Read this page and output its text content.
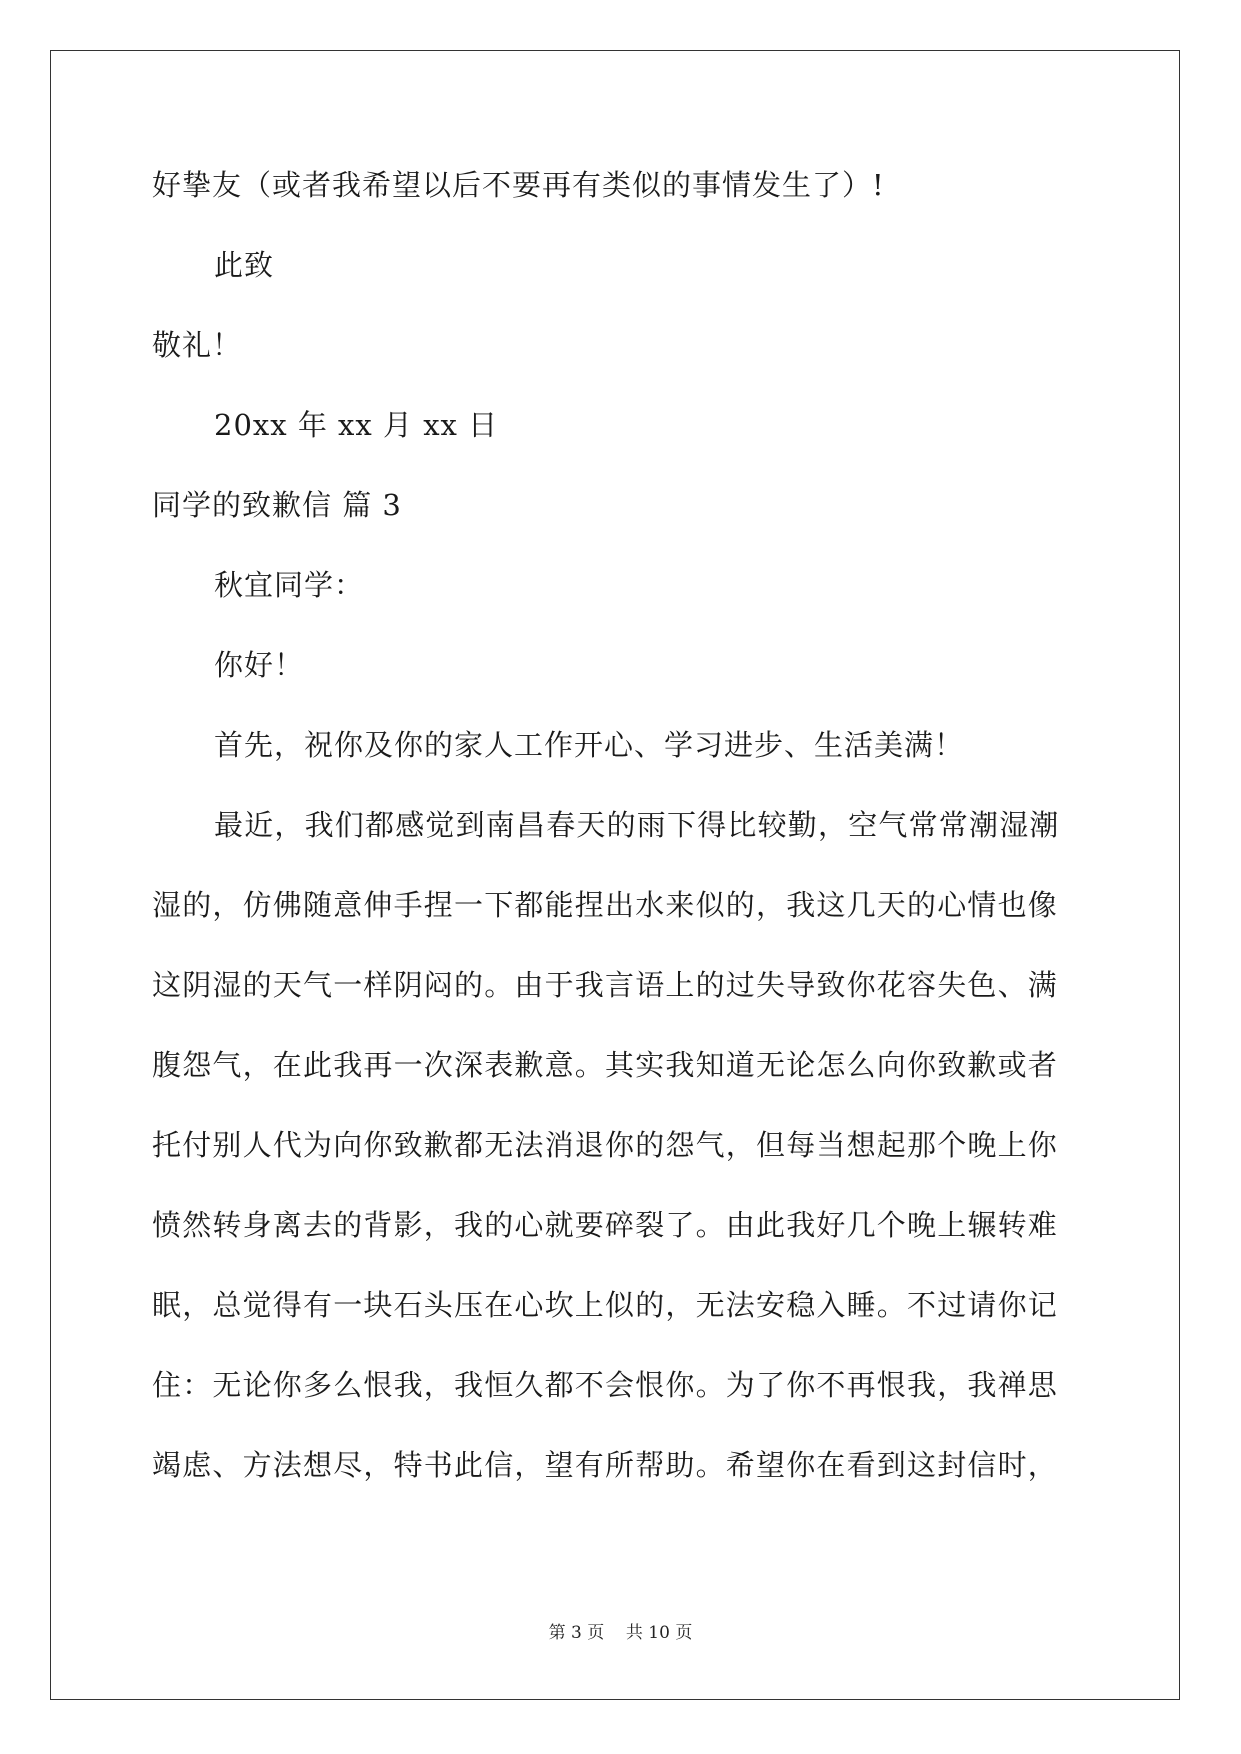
好挚友（或者我希望以后不要再有类似的事情发生了）!
此致
敬礼！
20xx 年 xx 月 xx 日
同学的致歉信 篇 3
秋宜同学：
你好！
首先，祝你及你的家人工作开心、学习进步、生活美满！
最近，我们都感觉到南昌春天的雨下得比较勤，空气常常潮湿潮
湿的，仿佛随意伸手捏一下都能捏出水来似的，我这几天的心情也像
这阴湿的天气一样阴闷的。由于我言语上的过失导致你花容失色、满
腹怨气，在此我再一次深表歉意。其实我知道无论怎么向你致歉或者
托付别人代为向你致歉都无法消退你的怨气，但每当想起那个晚上你
愤然转身离去的背影，我的心就要碎裂了。由此我好几个晚上辗转难
眠，总觉得有一块石头压在心坎上似的，无法安稳入睡。不过请你记
住：无论你多么恨我，我恒久都不会恨你。为了你不再恨我，我禅思
竭虑、方法想尽，特书此信，望有所帮助。希望你在看到这封信时，
第 3 页    共 10 页
